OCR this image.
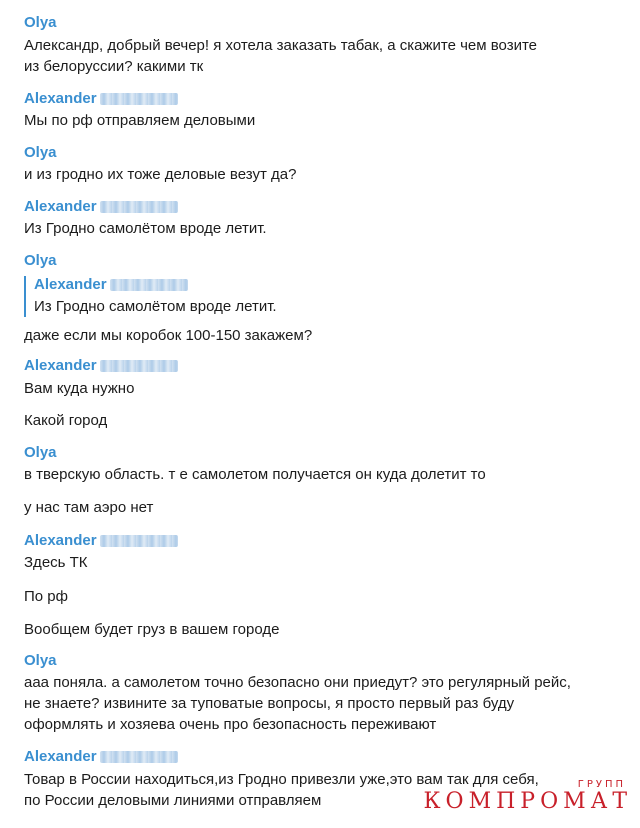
Olya
Александр, добрый вечер! я хотела заказать табак, а скажите чем возите
из белоруссии? какими тк
Alexander
Мы по рф отправляем деловыми
Olya
и из гродно их тоже деловые везут да?
Alexander
Из Гродно самолётом вроде летит.
Olya
Alexander
Из Гродно самолётом вроде летит.
даже если мы коробок 100-150 закажем?
Alexander
Вам куда нужно
Какой город
Olya
в тверскую область. т е самолетом получается он куда долетит то
у нас там аэро нет
Alexander
Здесь ТК
По рф
Вообщем будет груз в вашем городе
Olya
ааа поняла. а самолетом точно безопасно они приедут? это регулярный рейс,
не знаете? извините за туповатые вопросы, я просто первый раз буду
оформлять и хозяева очень про безопасность переживают
Alexander
Товар в России находиться,из Гродно привезли уже,это вам так для себя,
по России деловыми линиями отправляем
ГРУПП
КОМПРОМАТ
